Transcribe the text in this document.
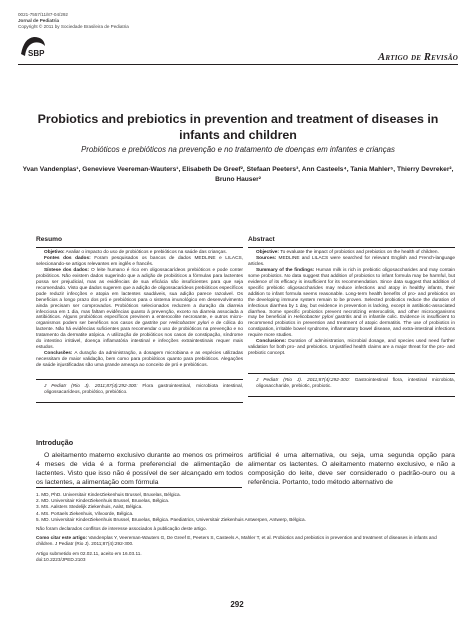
0021-7557/11/87-04/292
Jornal de Pediatria
Copyright © 2011 by Sociedade Brasileira de Pediatria
SBP	Artigo de Revisão
Probiotics and prebiotics in prevention and treatment of diseases in infants and children
Probióticos e prebióticos na prevenção e no tratamento de doenças em infantes e crianças
Yvan Vandenplas¹, Genevieve Veereman-Wauters¹, Elisabeth De Greef², Stefaan Peeters³, Ann Casteels⁴, Tania Mahler⁵, Thierry Devreker², Bruno Hauser²
Resumo

Objetivo: Avaliar o impacto do uso de probióticos e prebióticos na saúde das crianças.

Fontes dos dados: Foram pesquisados os bancos de dados MEDLINE e LILACS, selecionando-se artigos relevantes em inglês e francês.

Síntese dos dados: O leite humano é rico em oligossacarídeos prebióticos e pode conter probióticos. Não existem dados sugerindo que a adição de probióticos a fórmulas para lactentes possa ser prejudicial, mas as evidências de sua eficácia são insuficientes para que seja recomendado. Visto que dados sugerem que a adição de oligossacarídeos prebióticos específicos pode reduzir infecções e atopia em lactentes saudáveis, sua adição parece razoável. Os benefícios a longo prazo dos pró e prebióticos para o sistema imunológico em desenvolvimento ainda precisam ser comprovados. Probióticos selecionados reduzem a duração da diarreia infecciosa em 1 dia, mas faltam evidências quanto à prevenção, exceto na diarreia associada a antibióticos. Alguns probióticos específicos previnem a enterocolite necrosante, e outros micro-organismos podem ser benéficos nos casos de gastrite por Helicobacter pylori e de cólica do lactente. Não há evidências suficientes para recomendar o uso de probióticos na prevenção e no tratamento da dermatite atópica. A utilização de probióticos nos casos de constipação, síndrome do intestino irritável, doença inflamatória intestinal e infecções extraintestinais requer mais estudos.

Conclusões: A duração da administração, a dosagem microbiana e as espécies utilizadas necessitam de maior validação, bem como para probióticos quanto para prebióticos. Alegações de saúde injustificadas são uma grande ameaça ao conceito de pró e prebióticos.

J Pediatr (Rio J). 2011;87(4):292-300: Flora gastrointestinal, microbiota intestinal, oligossacarídeos, probiótico, prebiótico.

Abstract

Objective: To evaluate the impact of probiotics and prebiotics on the health of children.

Sources: MEDLINE and LILACS were searched for relevant English and French-language articles.

Summary of the findings: Human milk is rich in prebiotic oligosaccharides and may contain some probiotics. No data suggest that addition of probiotics to infant formula may be harmful, but evidence of its efficacy is insufficient for its recommendation. Since data suggest that addition of specific prebiotic oligosaccharides may reduce infections and atopy in healthy infants, their addition to infant formula seems reasonable. Long-term health benefits of pro- and prebiotics on the developing immune system remain to be proven. Selected probiotics reduce the duration of infectious diarrhea by 1 day, but evidence in prevention is lacking, except in antibiotic-associated diarrhea. Some specific probiotics prevent necrotizing enterocolitis, and other microorganisms may be beneficial in Helicobacter pylori gastritis and in infantile colic. Evidence is insufficient to recommend probiotics in prevention and treatment of atopic dermatitis. The use of probiotics in constipation, irritable bowel syndrome, inflammatory bowel disease, and extra-intestinal infections require more studies.

Conclusions: Duration of administration, microbial dosage, and species used need further validation for both pro- and prebiotics. Unjustified health claims are a major threat for the pro- and prebiotic concept.

J Pediatr (Rio J). 2011;87(4):292-300: Gastrointestinal flora, intestinal microbiota, oligosaccharide, prebiotic, probiotic.

Introdução

O aleitamento materno exclusivo durante ao menos os primeiros 4 meses de vida é a forma preferencial de alimentação de lactentes. Visto que isso não é possível de ser alcançado em todos os lactentes, a alimentação com fórmula

artificial é uma alternativa, ou seja, uma segunda opção para alimentar os lactentes. O aleitamento materno exclusivo, e não a composição do leite, deve ser considerado o padrão-ouro ou a referência. Portanto, todo método alternativo de

1. MD, PhD. Universitair KinderZiekenhuis Brussel, Bruxelas, Bélgica.
2. MD. Universitair KinderZiekenhuis Brussel, Bruxelas, Bélgica.
3. MS. Aalsters Stedelijk Ziekenhuis, Aalst, Bélgica.
4. MS. Portaels Ziekenhuis, Vilvoorde, Bélgica.
5. MD. Universitair KinderZiekenhuis Brussel, Bruxelas, Bélgica. Paediatrics, Universitair Ziekenhuis Antwerpen, Antwerp, Bélgica.
Não foram declarados conflitos de interesse associados à publicação deste artigo.
Como citar este artigo: Vandenplas Y, Veereman-Wauters G, De Greef E, Peeters S, Casteels A, Mahler T, et al. Probiotics and prebiotics in prevention and treatment of diseases in infants and children. J Pediatr (Rio J). 2011;87(4):292-300.
Artigo submetido em 02.02.11, aceito em 16.03.11.
doi:10.2223/JPED.2103
292
